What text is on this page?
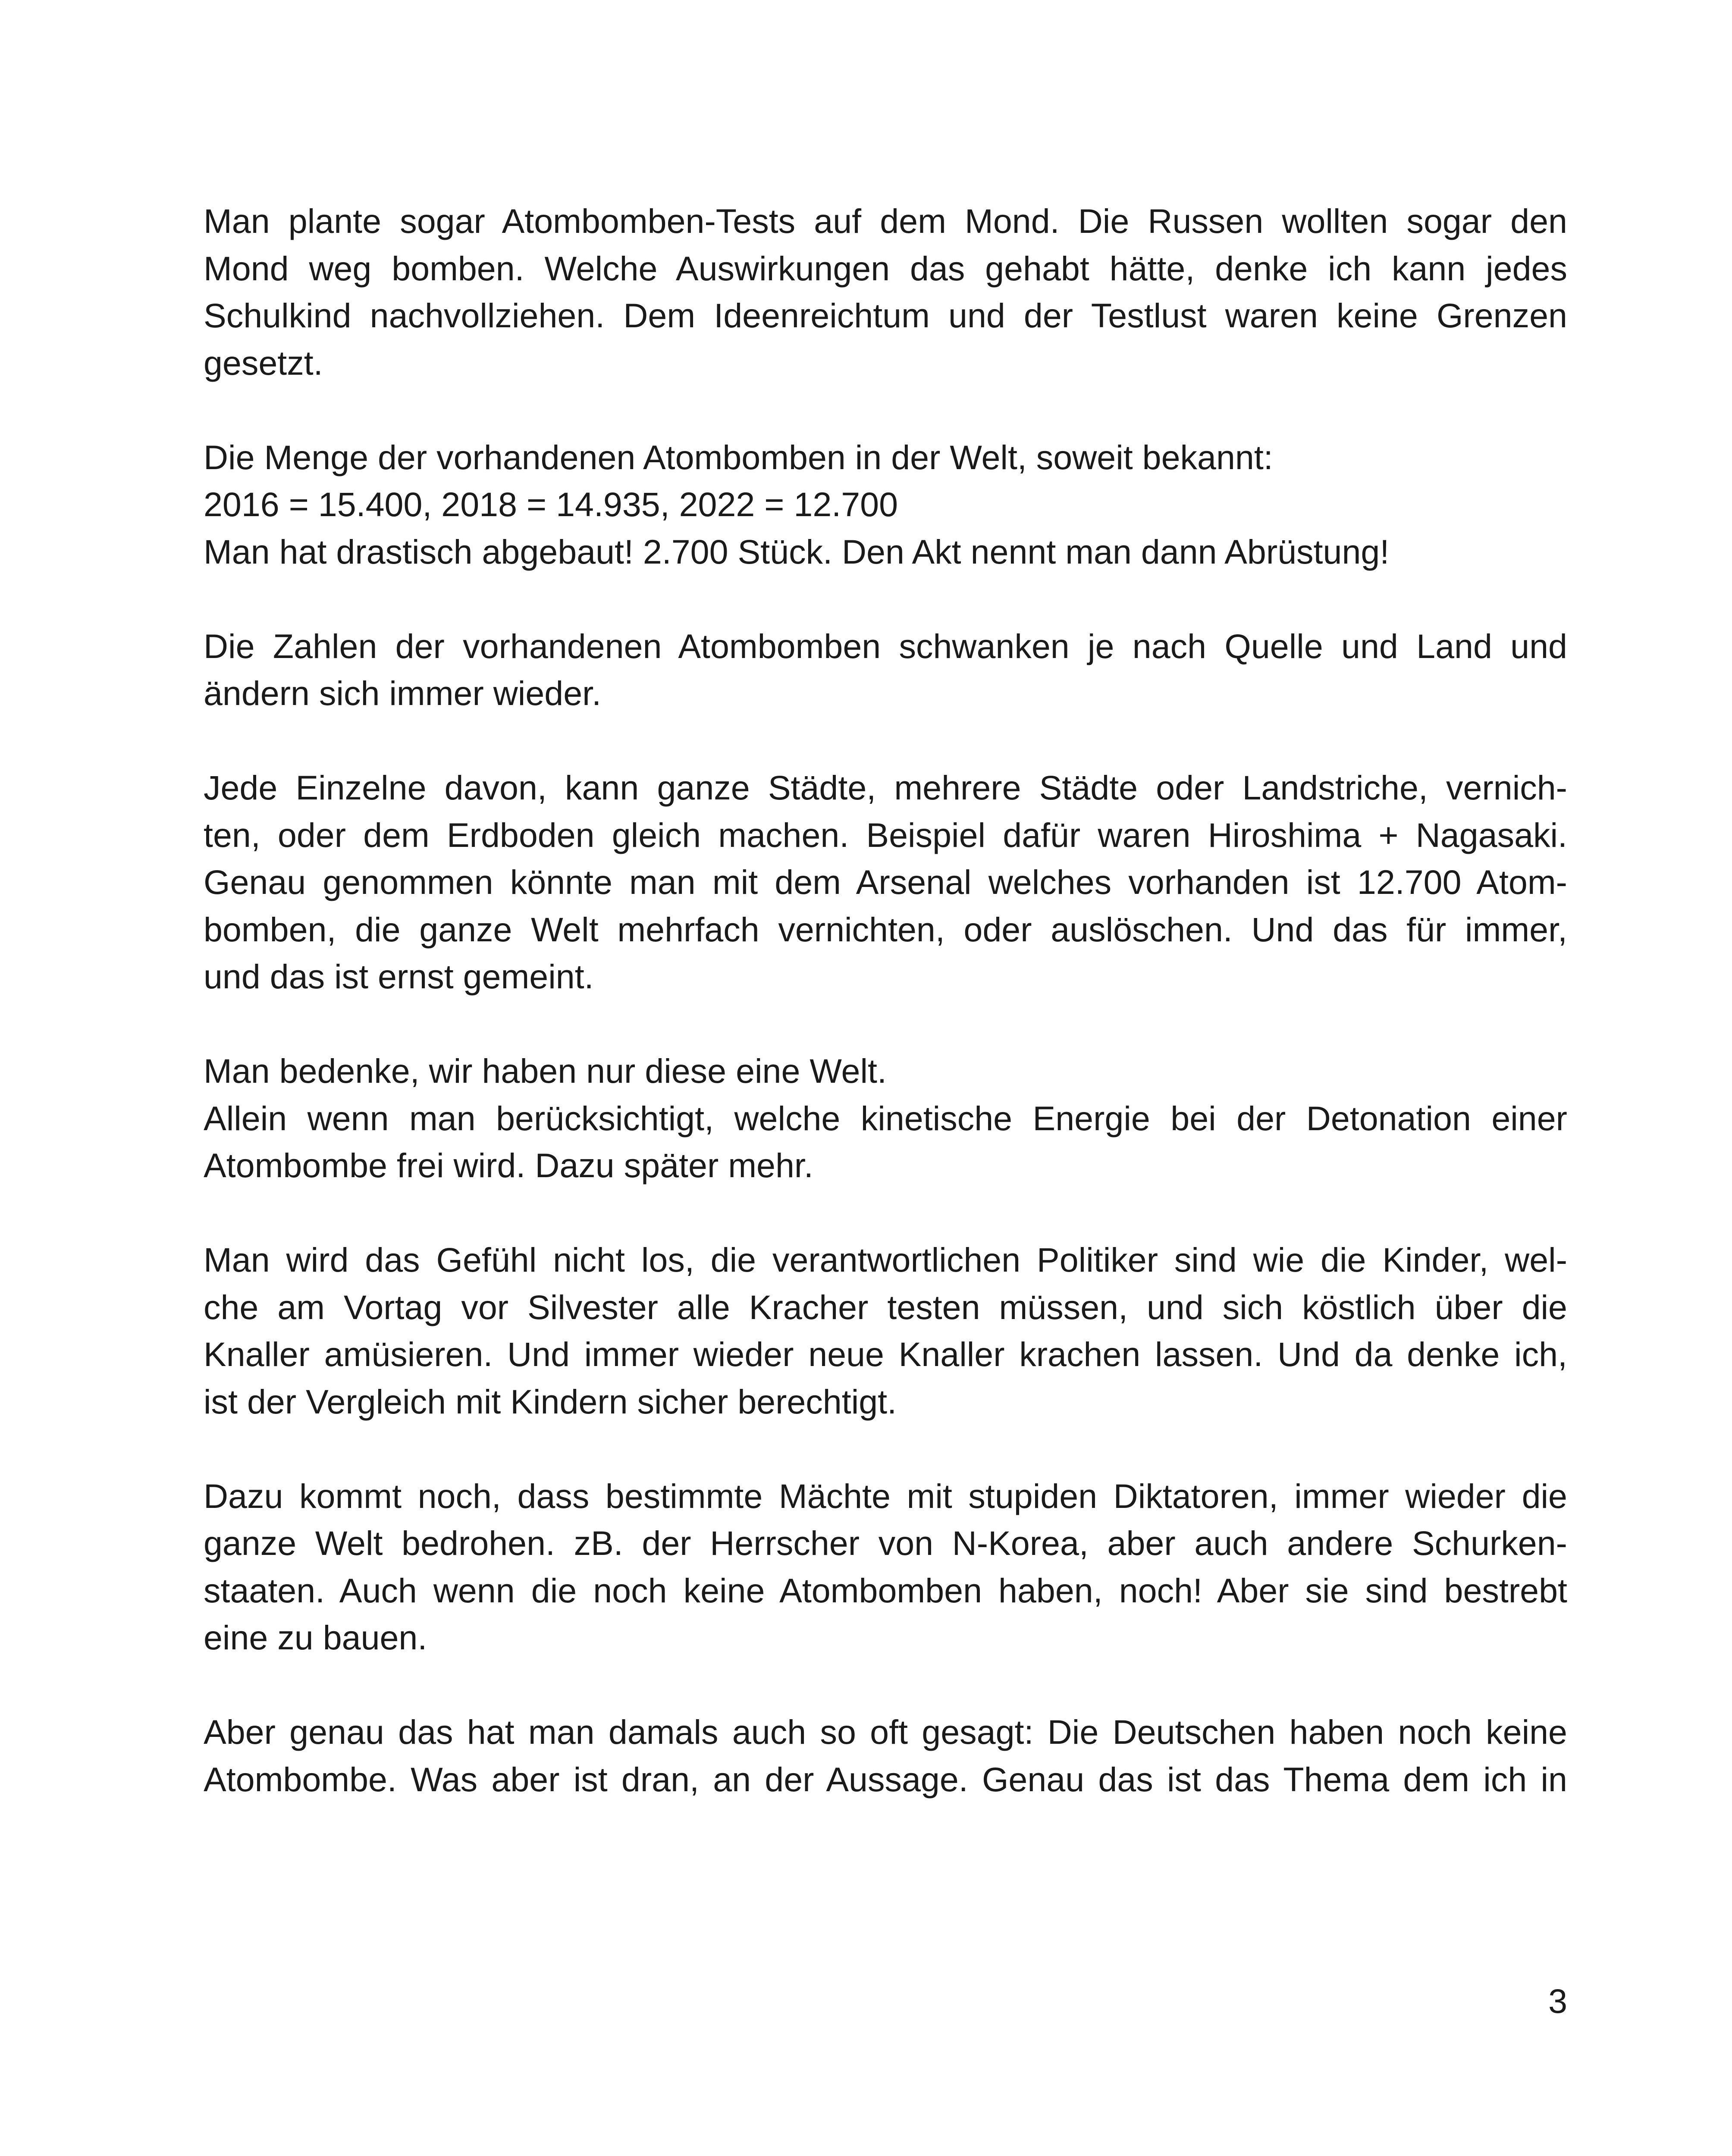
Man plante sogar Atombomben-Tests auf dem Mond. Die Russen wollten sogar den
Mond weg bomben. Welche Auswirkungen das gehabt hätte, denke ich kann jedes
Schulkind nachvollziehen. Dem Ideenreichtum und der Testlust waren keine Grenzen
gesetzt.

Die Menge der vorhandenen Atombomben in der Welt, soweit bekannt:
2016 = 15.400, 2018 = 14.935, 2022 = 12.700
Man hat drastisch abgebaut! 2.700 Stück. Den Akt nennt man dann Abrüstung!

Die Zahlen der vorhandenen Atombomben schwanken je nach Quelle und Land und
ändern sich immer wieder.

Jede Einzelne davon, kann ganze Städte, mehrere Städte oder Landstriche, vernich-
ten, oder dem Erdboden gleich machen. Beispiel dafür waren Hiroshima + Nagasaki.
Genau genommen könnte man mit dem Arsenal welches vorhanden ist 12.700 Atom-
bomben, die ganze Welt mehrfach vernichten, oder auslöschen. Und das für immer,
und das ist ernst gemeint.

Man bedenke, wir haben nur diese eine Welt.
Allein wenn man berücksichtigt, welche kinetische Energie bei der Detonation einer
Atombombe frei wird. Dazu später mehr.

Man wird das Gefühl nicht los, die verantwortlichen Politiker sind wie die Kinder, wel-
che am Vortag vor Silvester alle Kracher testen müssen, und sich köstlich über die
Knaller amüsieren. Und immer wieder neue Knaller krachen lassen. Und da denke ich,
ist der Vergleich mit Kindern sicher berechtigt.

Dazu kommt noch, dass bestimmte Mächte mit stupiden Diktatoren, immer wieder die
ganze Welt bedrohen. zB. der Herrscher von N-Korea, aber auch andere Schurken-
staaten. Auch wenn die noch keine Atombomben haben, noch! Aber sie sind bestrebt
eine zu bauen.

Aber genau das hat man damals auch so oft gesagt: Die Deutschen haben noch keine
Atombombe. Was aber ist dran, an der Aussage. Genau das ist das Thema dem ich in

3
